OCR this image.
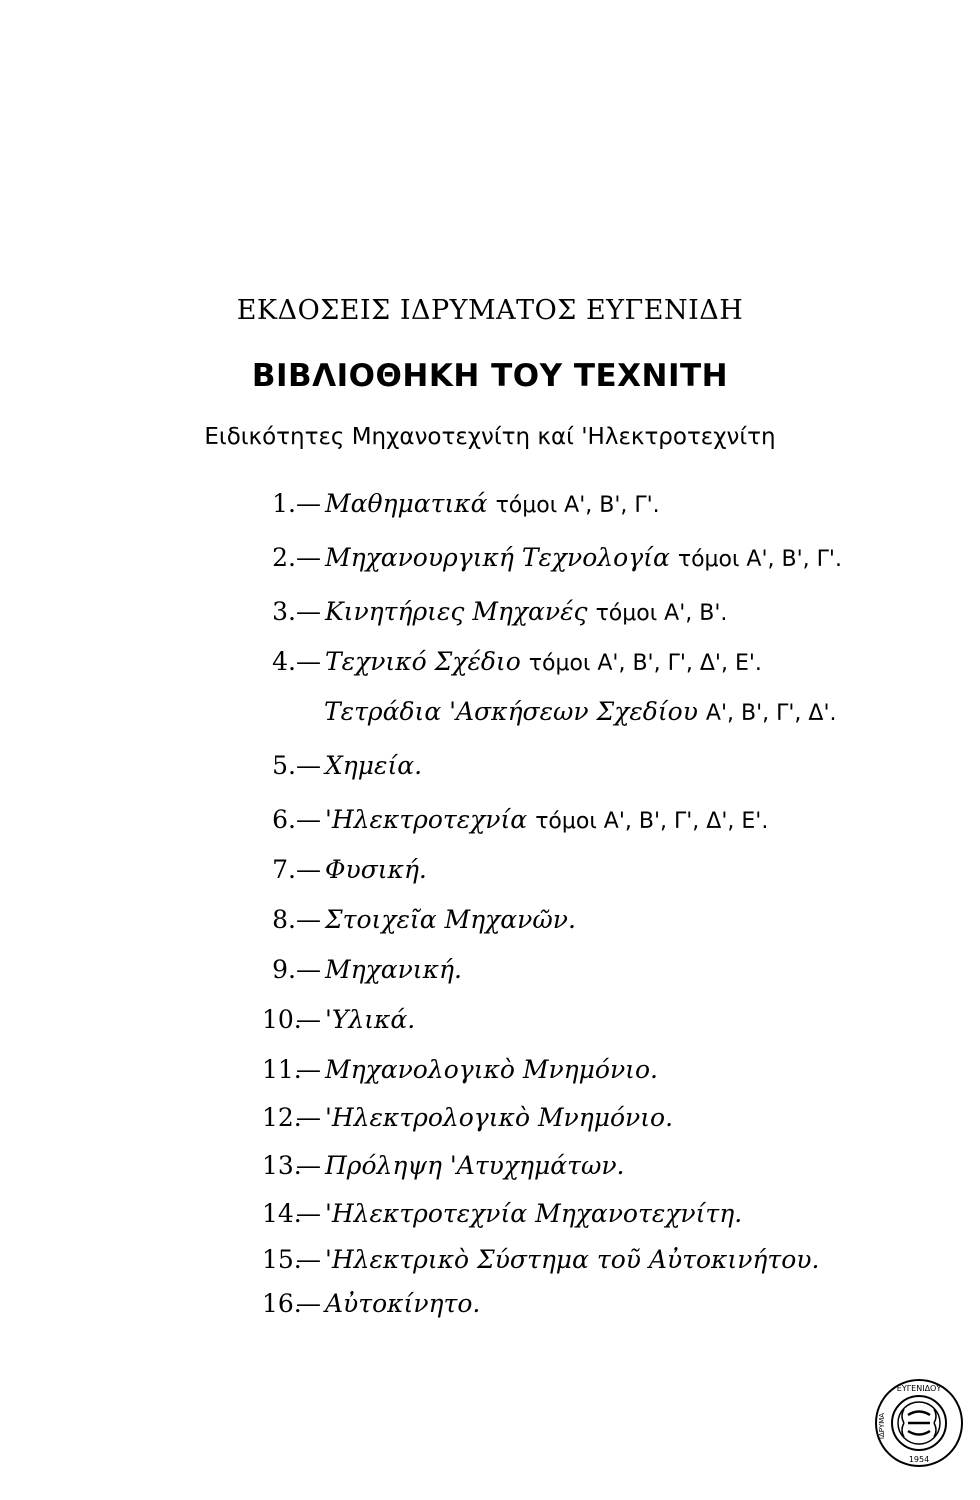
ΕΚΔΟΣΕΙΣ ΙΔΡΥΜΑΤΟΣ ΕΥΓΕΝΙΔΗ
ΒΙΒΛΙΟΘΗΚΗ ΤΟΥ ΤΕΧΝΙΤΗ
Ειδικότητες Μηχανοτεχνίτη καί 'Ηλεκτροτεχνίτη
1.— Μαθηματικά τόμοι Α', Β', Γ'.
2.— Μηχανουργική Τεχνολογία τόμοι Α', Β', Γ'.
3.— Κινητήριες Μηχανές τόμοι Α', Β'.
4.— Τεχνικό Σχέδιο τόμοι Α', Β', Γ', Δ', Ε'.
Τετράδια 'Ασκήσεων Σχεδίου Α', Β', Γ', Δ'.
5.— Χημεία.
6.— 'Ηλεκτροτεχνία τόμοι Α', Β', Γ', Δ', Ε'.
7.— Φυσική.
8.— Στοιχεῖα Μηχανῶν.
9.— Μηχανική.
10.— 'Υλικά.
11.— Μηχανολογικὸ Μνημόνιο.
12.— 'Ηλεκτρολογικὸ Μνημόνιο.
13.— Πρόληψη 'Ατυχημάτων.
14.— 'Ηλεκτροτεχνία Μηχανοτεχνίτη.
15.— 'Ηλεκτρικὸ Σύστημα τοῦ Αὐτοκινήτου.
16.— Αὐτοκίνητο.
ΕΥΓΕΝΙΔΟΥ
1954
ΙΔΡΥΜΑ
